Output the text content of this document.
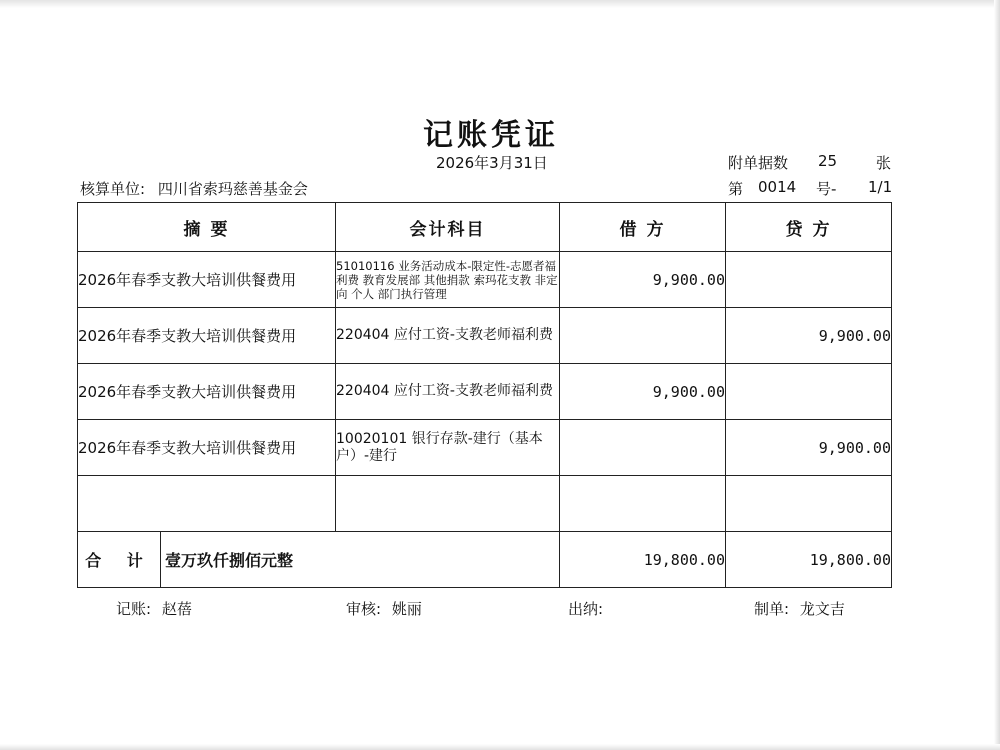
记账凭证
2026年3月31日	附单据数 25	张
核算单位: 四川省索玛慈善基金会	第 0014 号- 1/1
摘 要	会计科目	借 方	贷 方
2026年春季支教大培训供餐费用	51010116 业务活动成本-限定性-志愿者福利费 教育发展部 其他捐款 索玛花支教 非定向 个人 部门执行管理	9,900.00	
2026年春季支教大培训供餐费用	220404 应付工资-支教老师福利费		9,900.00
2026年春季支教大培训供餐费用	220404 应付工资-支教老师福利费	9,900.00	
2026年春季支教大培训供餐费用	10020101 银行存款-建行（基本户）-建行		9,900.00

合 计 壹万玖仟捌佰元整		19,800.00	19,800.00
记账: 赵蓓	审核: 姚丽	出纳:	制单: 龙文吉
